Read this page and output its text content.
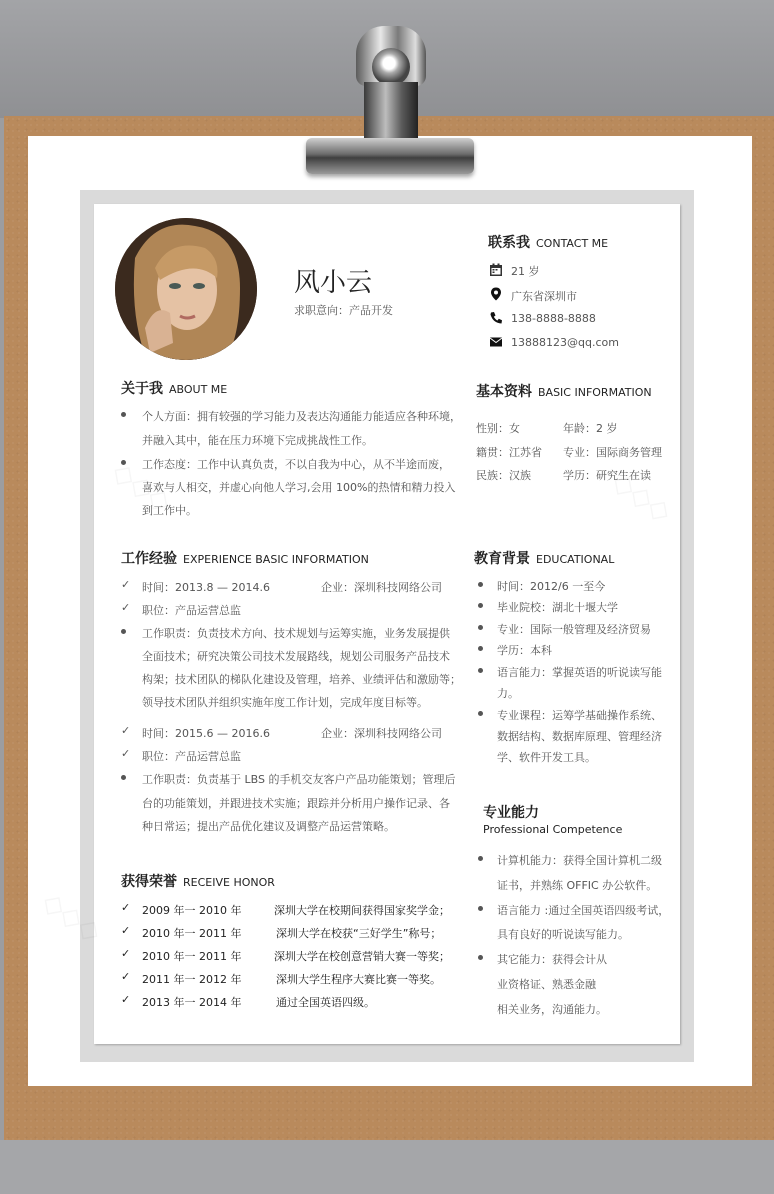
风小云
求职意向：产品开发
联系我 CONTACT ME
21 岁
广东省深圳市
138-8888-8888
13888123@qq.com
关于我 ABOUT ME
个人方面：拥有较强的学习能力及表达沟通能力能适应各种环境，
并融入其中，能在压力环境下完成挑战性工作。
工作态度：工作中认真负责，不以自我为中心，从不半途而废，
喜欢与人相交，并虚心向他人学习,会用 100%的热情和精力投入
到工作中。
基本资料 BASIC INFORMATION
性别：女	年龄：2 岁
籍贯：江苏省 专业：国际商务管理
民族：汉族	学历：研究生在读
工作经验 EXPERIENCE BASIC INFORMATION
✓ 时间：2013.8 — 2014.6	企业：深圳科技网络公司
✓ 职位：产品运营总监
工作职责：负责技术方向、技术规划与运筹实施，业务发展提供
全面技术；研究决策公司技术发展路线，规划公司服务产品技术
构架；技术团队的梯队化建设及管理，培养、业绩评估和激励等；
领导技术团队并组织实施年度工作计划，完成年度目标等。
✓ 时间：2015.6 — 2016.6	企业：深圳科技网络公司
✓ 职位：产品运营总监
工作职责：负责基于 LBS 的手机交友客户产品功能策划；管理后
台的功能策划，并跟进技术实施；跟踪并分析用户操作记录、各
种日常运；提出产品优化建议及调整产品运营策略。
教育背景 EDUCATIONAL
时间：2012/6 一至今
毕业院校：湖北十堰大学
专业：国际一般管理及经济贸易
学历：本科
语言能力：掌握英语的听说读写能
力。
专业课程：运筹学基础操作系统、
数据结构、数据库原理、管理经济
学、软件开发工具。
专业能力
Professional Competence
计算机能力：获得全国计算机二级
证书，并熟练 OFFIC 办公软件。
语言能力 :通过全国英语四级考试，
具有良好的听说读写能力。
其它能力：获得会计从
业资格证、熟悉金融
相关业务，沟通能力。
获得荣誉 RECEIVE HONOR
✓ 2009 年一 2010 年	深圳大学在校期间获得国家奖学金；
✓ 2010 年一 2011 年	深圳大学在校获“三好学生”称号；
✓ 2010 年一 2011 年	深圳大学在校创意营销大赛一等奖；
✓ 2011 年一 2012 年	深圳大学生程序大赛比赛一等奖。
✓ 2013 年一 2014 年	通过全国英语四级。
